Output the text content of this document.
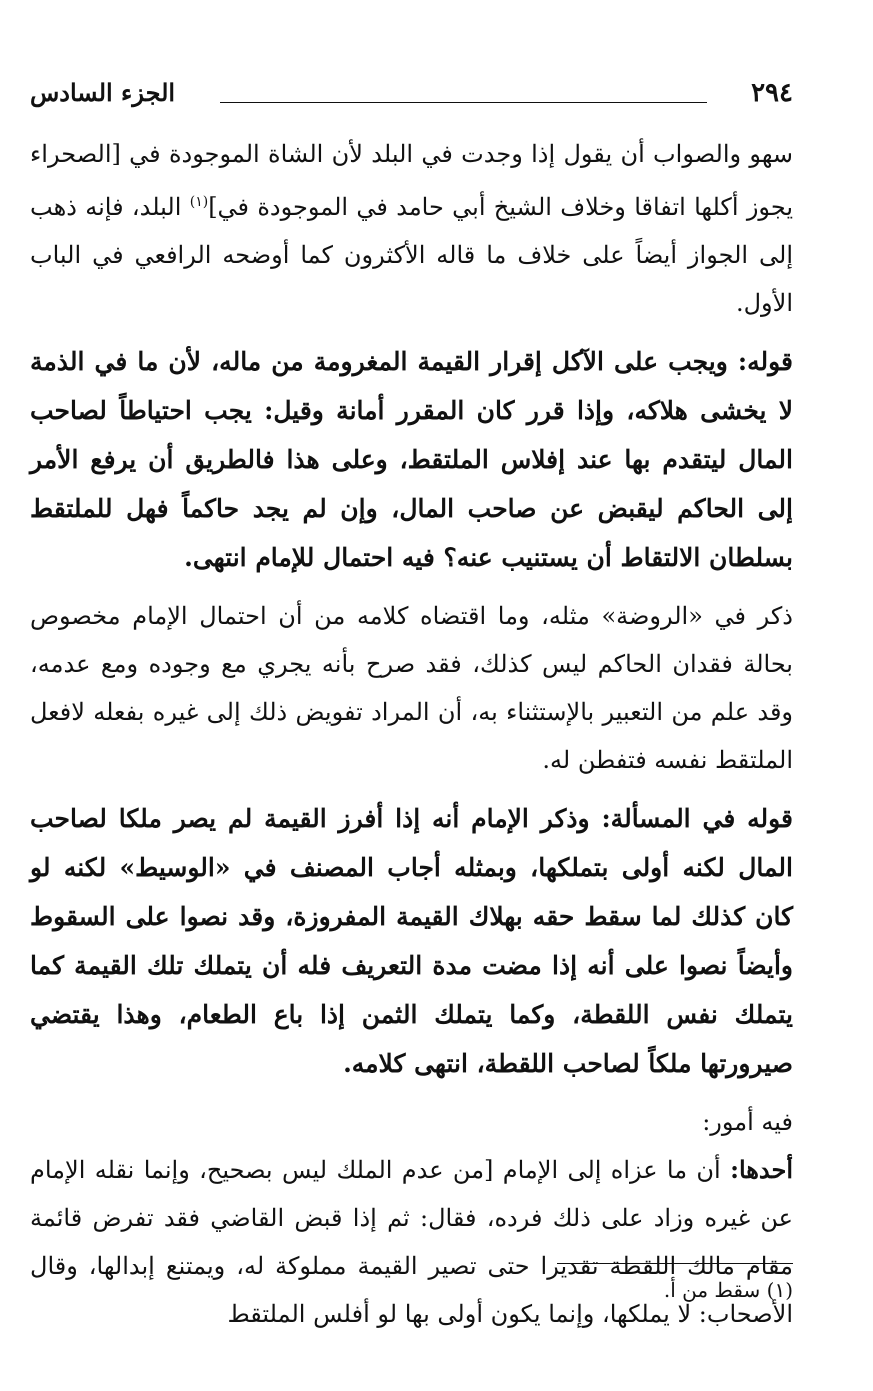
٢٩٤
الجزء السادس

سهو والصواب أن يقول إذا وجدت في البلد لأن الشاة الموجودة في [الصحراء يجوز أكلها اتفاقا وخلاف الشيخ أبي حامد في الموجودة في]$^{(١)}$ البلد، فإنه ذهب إلى الجواز أيضاً على خلاف ما قاله الأكثرون كما أوضحه الرافعي في الباب الأول.

قوله: ويجب على الآكل إقرار القيمة المغرومة من ماله، لأن ما في الذمة لا يخشى هلاكه، وإذا قرر كان المقرر أمانة وقيل: يجب احتياطاً لصاحب المال ليتقدم بها عند إفلاس الملتقط، وعلى هذا فالطريق أن يرفع الأمر إلى الحاكم ليقبض عن صاحب المال، وإن لم يجد حاكماً فهل للملتقط بسلطان الالتقاط أن يستنيب عنه؟ فيه احتمال للإمام انتهى.

ذكر في «الروضة» مثله، وما اقتضاه كلامه من أن احتمال الإمام مخصوص بحالة فقدان الحاكم ليس كذلك، فقد صرح بأنه يجري مع وجوده ومع عدمه، وقد علم من التعبير بالإستثناء به، أن المراد تفويض ذلك إلى غيره بفعله لافعل الملتقط نفسه فتفطن له.

قوله في المسألة: وذكر الإمام أنه إذا أفرز القيمة لم يصر ملكا لصاحب المال لكنه أولى بتملكها، وبمثله أجاب المصنف في «الوسيط» لكنه لو كان كذلك لما سقط حقه بهلاك القيمة المفروزة، وقد نصوا على السقوط وأيضاً نصوا على أنه إذا مضت مدة التعريف فله أن يتملك تلك القيمة كما يتملك نفس اللقطة، وكما يتملك الثمن إذا باع الطعام، وهذا يقتضي صيرورتها ملكاً لصاحب اللقطة، انتهى كلامه.

فيه أمور:

أحدها: أن ما عزاه إلى الإمام [من عدم الملك ليس بصحيح، وإنما نقله الإمام عن غيره وزاد على ذلك فرده، فقال: ثم إذا قبض القاضي فقد تفرض قائمة مقام مالك اللقطة تقديرا حتى تصير القيمة مملوكة له، ويمتنع إبدالها، وقال الأصحاب: لا يملكها، وإنما يكون أولى بها لو أفلس الملتقط

(١) سقط من أ.
